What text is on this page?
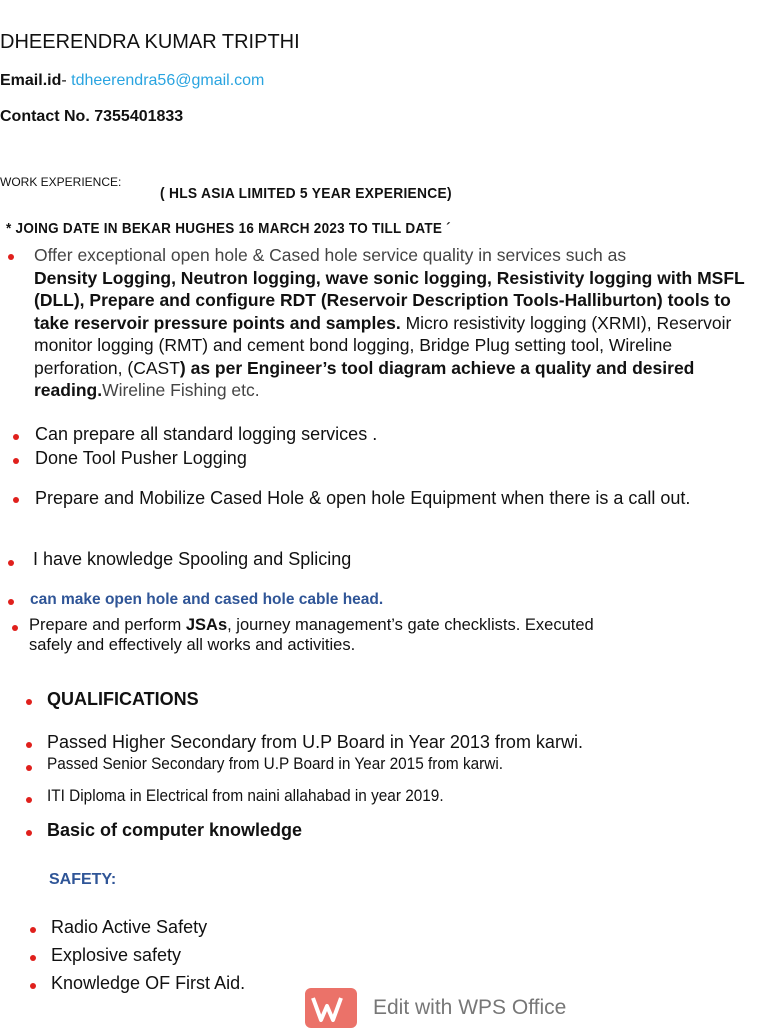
DHEERENDRA KUMAR TRIPTHI
Email.id- tdheerendra56@gmail.com
Contact No. 7355401833
WORK EXPERIENCE:
( HLS ASIA LIMITED 5 YEAR EXPERIENCE)
* JOING DATE IN BEKAR HUGHES 16 MARCH 2023 TO TILL DATE ´
Offer exceptional open hole & Cased hole service quality in services such as
Density Logging, Neutron logging, wave sonic logging, Resistivity logging with MSFL (DLL), Prepare and configure RDT (Reservoir Description Tools-Halliburton) tools to take reservoir pressure points and samples. Micro resistivity logging (XRMI), Reservoir monitor logging (RMT) and cement bond logging, Bridge Plug setting tool, Wireline perforation, (CAST) as per Engineer’s tool diagram achieve a quality and desired reading.Wireline Fishing etc.
Can prepare all standard logging services .
Done Tool Pusher Logging
Prepare and Mobilize Cased Hole & open hole Equipment when there is a call out.
I have knowledge Spooling and Splicing
can make open hole and cased hole cable head.
Prepare and perform JSAs, journey management’s gate checklists. Executed
safely and effectively all works and activities.
QUALIFICATIONS
Passed Higher Secondary from U.P Board in Year 2013 from karwi.
Passed Senior Secondary from U.P Board in Year 2015 from karwi.
ITI Diploma in Electrical from naini allahabad in year 2019.
Basic of computer knowledge
SAFETY:
Radio Active Safety
Explosive safety
Knowledge OF First Aid.
Edit with WPS Office
